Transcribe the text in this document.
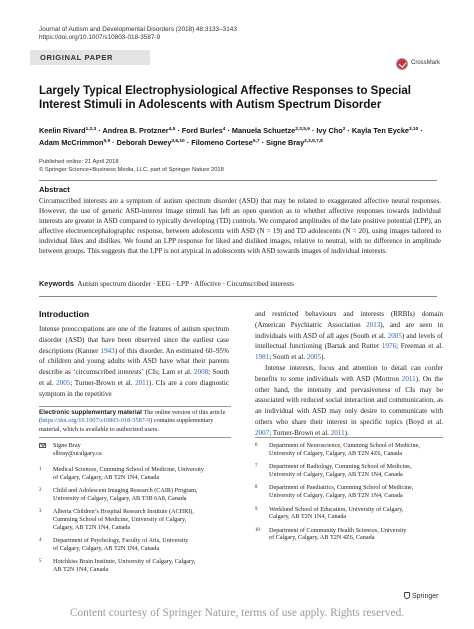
Journal of Autism and Developmental Disorders (2018) 48:3133–3143
https://doi.org/10.1007/s10803-018-3587-9
ORIGINAL PAPER
CrossMark
Largely Typical Electrophysiological Affective Responses to Special
Interest Stimuli in Adolescents with Autism Spectrum Disorder
Keelin Rivard$^{1,2,3}$ · Andrea B. Protzner$^{4,5}$ · Ford Burles$^4$ · Manuela Schuetze$^{2,3,5,6}$ · Ivy Cho$^2$ · Kayla Ten Eycke$^{3,10}$ ·
Adam McCrimmon$^{5,9}$ · Deborah Dewey$^{3,6,10}$ · Filomeno Cortese$^{5,7}$ · Signe Bray$^{2,3,5,7,8}$
Published online: 21 April 2018
© Springer Science+Business Media, LLC, part of Springer Nature 2018
Abstract
Circumscribed interests are a symptom of autism spectrum disorder (ASD) that may be related to exaggerated affective neural responses. However, the use of generic ASD-interest image stimuli has left an open question as to whether affective responses towards individual interests are greater in ASD compared to typically developing (TD) controls. We compared amplitudes of the late positive potential (LPP), an affective electroencephalographic response, between adolescents with ASD (N = 19) and TD adolescents (N = 20), using images tailored to individual likes and dislikes. We found an LPP response for liked and disliked images, relative to neutral, with no difference in amplitude between groups. This suggests that the LPP is not atypical in adolescents with ASD towards images of individual interests.
Keywords Autism spectrum disorder · EEG · LPP · Affective · Circumscribed interests
Introduction

Intense preoccupations are one of the features of autism spectrum disorder (ASD) that have been observed since the earliest case descriptions (Kanner 1943) of this disorder. An estimated 60–95% of children and young adults with ASD have what their parents describe as ‘circumscribed interests’ (CIs; Lam et al. 2008; South et al. 2005; Turner-Brown et al. 2011). CIs are a core diagnostic symptom in the repetitive

and restricted behaviours and interests (RRBIs) domain (American Psychiatric Association 2013), and are seen in individuals with ASD of all ages (South et al. 2005) and levels of intellectual functioning (Bartak and Rutter 1976; Freeman et al. 1981; South et al. 2005).

Intense interests, focus and attention to detail can confer benefits to some individuals with ASD (Mottron 2011). On the other hand, the intensity and pervasiveness of CIs may be associated with reduced social interaction and communication, as an individual with ASD may only desire to communicate with others who share their interest in specific topics (Boyd et al. 2007; Turner-Brown et al. 2011).

Electronic supplementary material The online version of this article (https://doi.org/10.1007/s10803-018-3587-9) contains supplementary material, which is available to authorized users.
Signe Bray
slbray@ucalgary.ca
1 Medical Sciences, Cumming School of Medicine, University
of Calgary, Calgary, AB T2N 1N4, Canada
2 Child and Adolescent Imaging Research (CAIR) Program,
University of Calgary, Calgary, AB T3B 6A8, Canada
3 Alberta Children’s Hospital Research Institute (ACHRI),
Cumming School of Medicine, University of Calgary,
Calgary, AB T2N 1N4, Canada
4 Department of Psychology, Faculty of Arts, University
of Calgary, Calgary, AB T2N 1N4, Canada
5 Hotchkiss Brain Institute, University of Calgary, Calgary,
AB T2N 1N4, Canada
6 Department of Neuroscience, Cumming School of Medicine,
University of Calgary, Calgary, AB T2N 4Z6, Canada
7 Department of Radiology, Cumming School of Medicine,
University of Calgary, Calgary, AB T2N 1N4, Canada
8 Department of Paediatrics, Cumming School of Medicine,
University of Calgary, Calgary, AB T2N 1N4, Canada
9 Werklund School of Education, University of Calgary,
Calgary, AB T2N 1N4, Canada
10 Department of Community Health Sciences, University
of Calgary, Calgary, AB T2N 4Z6, Canada
Springer
Content courtesy of Springer Nature, terms of use apply. Rights reserved.
